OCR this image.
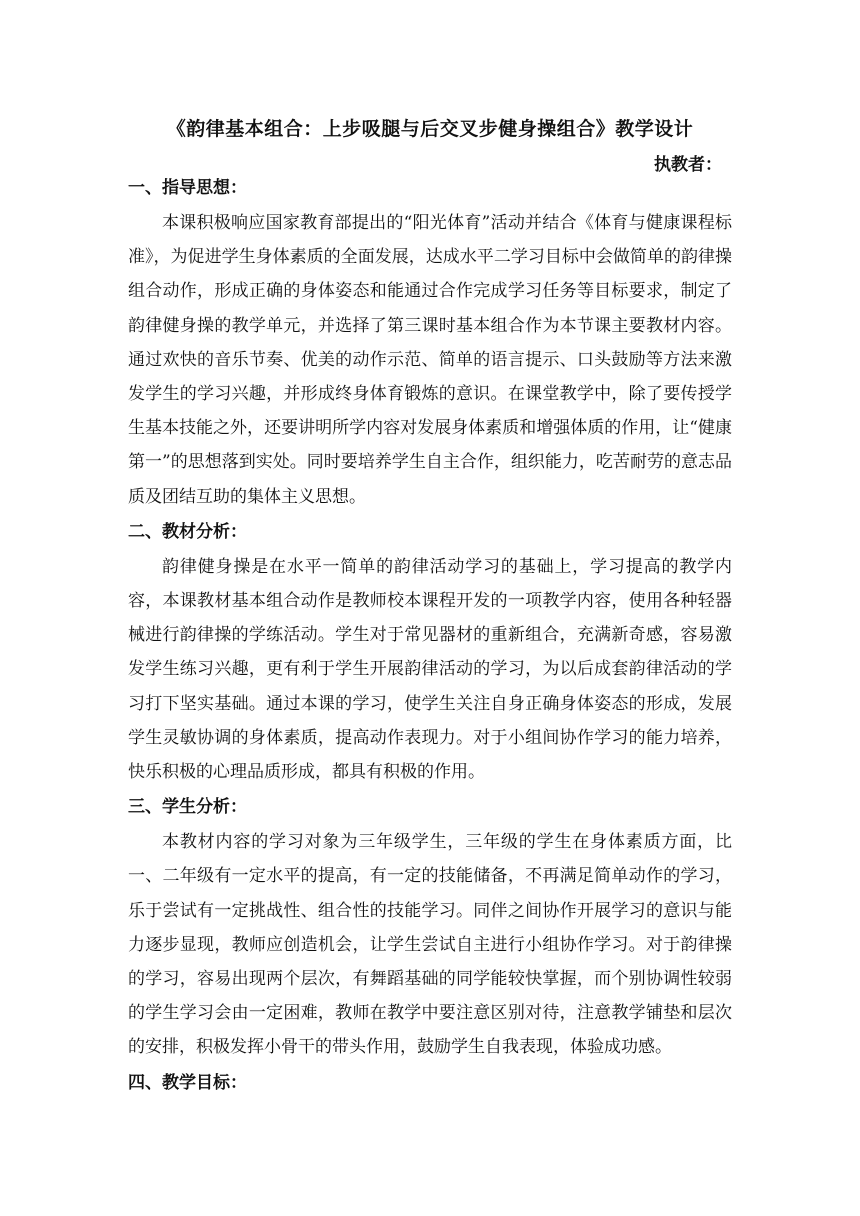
《韵律基本组合：上步吸腿与后交叉步健身操组合》教学设计
执教者：
一、指导思想：
本课积极响应国家教育部提出的“阳光体育”活动并结合《体育与健康课程标准》，为促进学生身体素质的全面发展，达成水平二学习目标中会做简单的韵律操组合动作，形成正确的身体姿态和能通过合作完成学习任务等目标要求，制定了韵律健身操的教学单元，并选择了第三课时基本组合作为本节课主要教材内容。通过欢快的音乐节奏、优美的动作示范、简单的语言提示、口头鼓励等方法来激发学生的学习兴趣，并形成终身体育锻炼的意识。在课堂教学中，除了要传授学生基本技能之外，还要讲明所学内容对发展身体素质和增强体质的作用，让“健康第一”的思想落到实处。同时要培养学生自主合作，组织能力，吃苦耐劳的意志品质及团结互助的集体主义思想。
二、教材分析：
韵律健身操是在水平一简单的韵律活动学习的基础上，学习提高的教学内容，本课教材基本组合动作是教师校本课程开发的一项教学内容，使用各种轻器械进行韵律操的学练活动。学生对于常见器材的重新组合，充满新奇感，容易激发学生练习兴趣，更有利于学生开展韵律活动的学习，为以后成套韵律活动的学习打下坚实基础。通过本课的学习，使学生关注自身正确身体姿态的形成，发展学生灵敏协调的身体素质，提高动作表现力。对于小组间协作学习的能力培养，快乐积极的心理品质形成，都具有积极的作用。
三、学生分析：
本教材内容的学习对象为三年级学生，三年级的学生在身体素质方面，比一、二年级有一定水平的提高，有一定的技能储备，不再满足简单动作的学习，乐于尝试有一定挑战性、组合性的技能学习。同伴之间协作开展学习的意识与能力逐步显现，教师应创造机会，让学生尝试自主进行小组协作学习。对于韵律操的学习，容易出现两个层次，有舞蹈基础的同学能较快掌握，而个别协调性较弱的学生学习会由一定困难，教师在教学中要注意区别对待，注意教学铺垫和层次的安排，积极发挥小骨干的带头作用，鼓励学生自我表现，体验成功感。
四、教学目标：
